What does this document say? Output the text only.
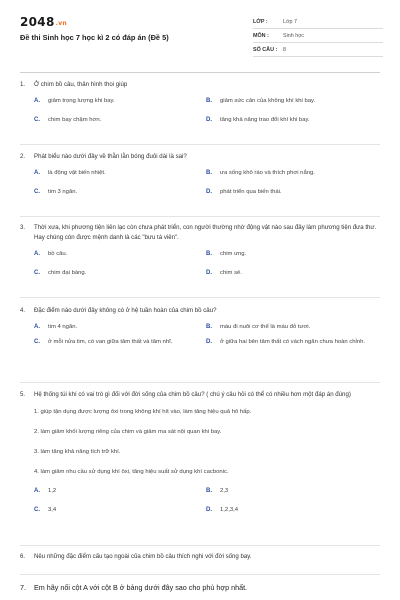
2048.vn
Đề thi Sinh học 7 học kì 2 có đáp án (Đề 5)
LỚP :	Lớp 7
MÔN :	Sinh học
SỐ CÂU :	8
1.	Ở chim bồ câu, thân hình thoi giúp
A.	giảm trọng lượng khi bay.	B.	giảm sức cản của không khí khi bay.
C.	chim bay chậm hơn.	D.	tăng khả năng trao đổi khí khi bay.
2.	Phát biểu nào dưới đây về thằn lằn bóng đuôi dài là sai?
A.	là động vật biến nhiệt.	B.	ưa sống khô ráo và thích phơi nắng.
C.	tim 3 ngăn.	D.	phát triển qua biến thái.
3.	Thời xưa, khi phương tiện liên lạc còn chưa phát triển, con người thường nhờ động vật nào sau đây làm phương tiện đưa thư. Hay chúng còn được mệnh danh là các "bưu tá viên".
A.	bồ câu.	B.	chim ưng.
C.	chim đại bàng.	D.	chim sẻ.
4.	Đặc điểm nào dưới đây không có ở hệ tuần hoàn của chim bồ câu?
A.	tim 4 ngăn.	B.	máu đi nuôi cơ thể là máu đỏ tươi.
C.	ở mỗi nửa tim, có van giữa tâm thất và tâm nhĩ.	D.	ở giữa hai bên tâm thất có vách ngăn chưa hoàn chỉnh.
5.	Hệ thống túi khí có vai trò gì đối với đời sống của chim bồ câu? ( chú ý câu hỏi có thể có nhiều hơn một đáp án đúng)
1. giúp tận dụng được lượng ôxi trong không khí hít vào, làm tăng hiệu quả hô hấp.
2. làm giảm khối lượng riêng của chim và giảm ma sát nội quan khi bay.
3. làm tăng khả năng tích trữ khí.
4. làm giảm nhu cầu sử dụng khí ôxi, tăng hiệu suất sử dụng khí cacbonic.
A.	1,2	B.	2,3
C.	3,4	D.	1,2,3,4
6.	Nêu những đặc điểm cấu tạo ngoài của chim bồ câu thích nghi với đời sống bay.
7.	Em hãy nối cột A với cột B ở bảng dưới đây sao cho phù hợp nhất.
